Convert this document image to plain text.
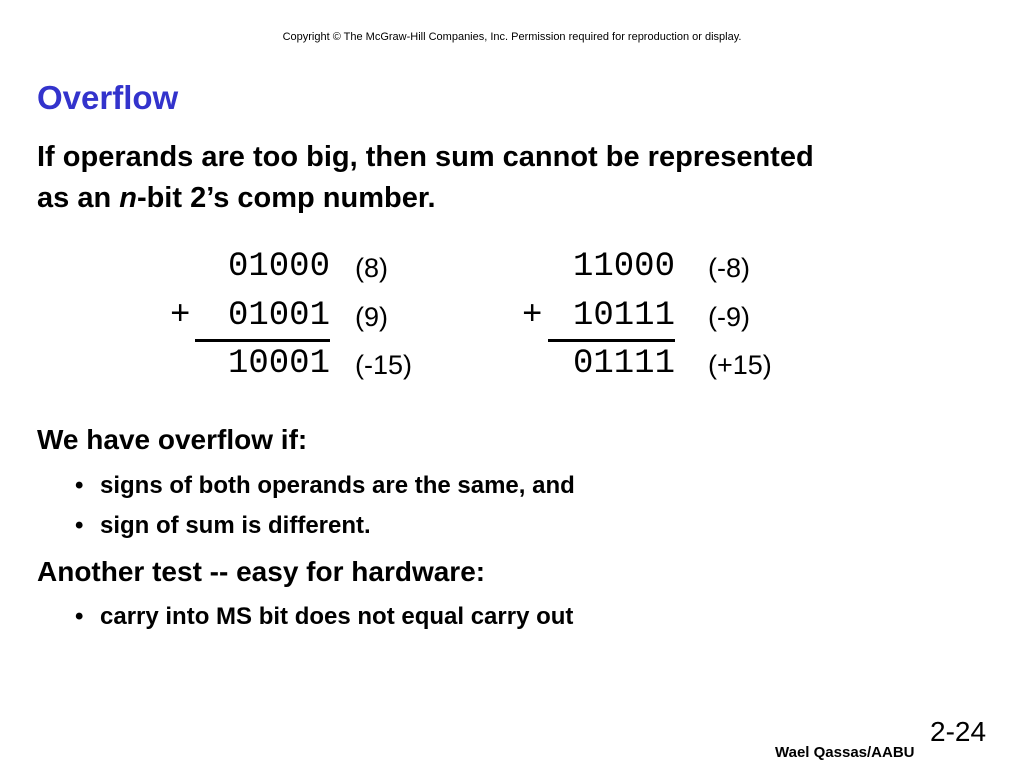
Copyright © The McGraw-Hill Companies, Inc. Permission required for reproduction or display.
Overflow
If operands are too big, then sum cannot be represented
as an n-bit 2’s comp number.
01000 (8)
+	01001 (9)
10001 (-15)
11000 (-8)
+ 10111 (-9)
01111 (+15)
We have overflow if:
• signs of both operands are the same, and
• sign of sum is different.
Another test -- easy for hardware:
• carry into MS bit does not equal carry out
2-24
Wael Qassas/AABU
